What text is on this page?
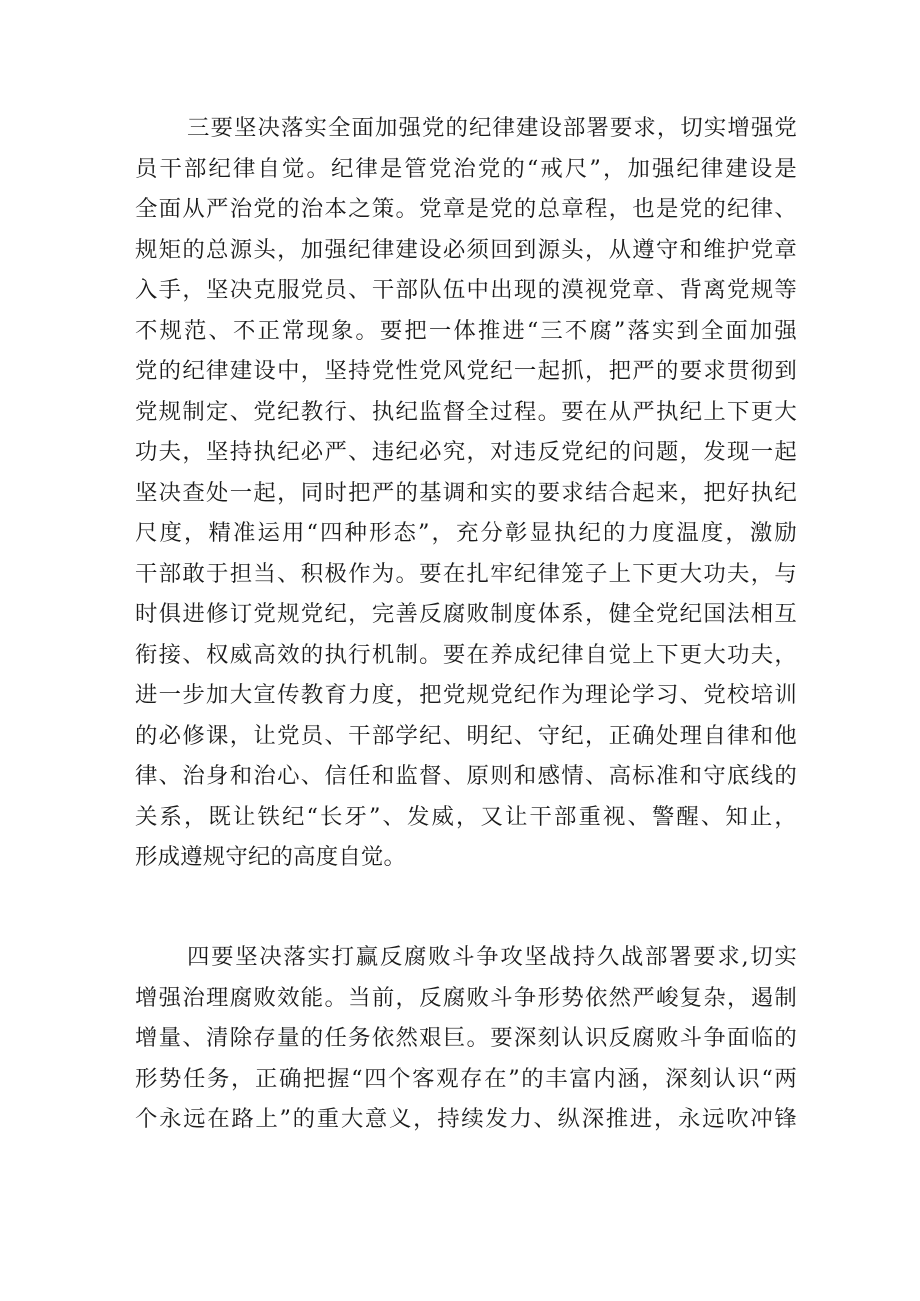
三要坚决落实全面加强党的纪律建设部署要求，切实增强党
员干部纪律自觉。纪律是管党治党的“戒尺”，加强纪律建设是
全面从严治党的治本之策。党章是党的总章程，也是党的纪律、
规矩的总源头，加强纪律建设必须回到源头，从遵守和维护党章
入手，坚决克服党员、干部队伍中出现的漠视党章、背离党规等
不规范、不正常现象。要把一体推进“三不腐”落实到全面加强
党的纪律建设中，坚持党性党风党纪一起抓，把严的要求贯彻到
党规制定、党纪教行、执纪监督全过程。要在从严执纪上下更大
功夫，坚持执纪必严、违纪必究，对违反党纪的问题，发现一起
坚决查处一起，同时把严的基调和实的要求结合起来，把好执纪
尺度，精准运用“四种形态”，充分彰显执纪的力度温度，激励
干部敢于担当、积极作为。要在扎牢纪律笼子上下更大功夫，与
时俱进修订党规党纪，完善反腐败制度体系，健全党纪国法相互
衔接、权威高效的执行机制。要在养成纪律自觉上下更大功夫，
进一步加大宣传教育力度，把党规党纪作为理论学习、党校培训
的必修课，让党员、干部学纪、明纪、守纪，正确处理自律和他
律、治身和治心、信任和监督、原则和感情、高标准和守底线的
关系，既让铁纪“长牙”、发威，又让干部重视、警醒、知止，
形成遵规守纪的高度自觉。
四要坚决落实打赢反腐败斗争攻坚战持久战部署要求,切实
增强治理腐败效能。当前，反腐败斗争形势依然严峻复杂，遏制
增量、清除存量的任务依然艰巨。要深刻认识反腐败斗争面临的
形势任务，正确把握“四个客观存在”的丰富内涵，深刻认识“两
个永远在路上”的重大意义，持续发力、纵深推进，永远吹冲锋
